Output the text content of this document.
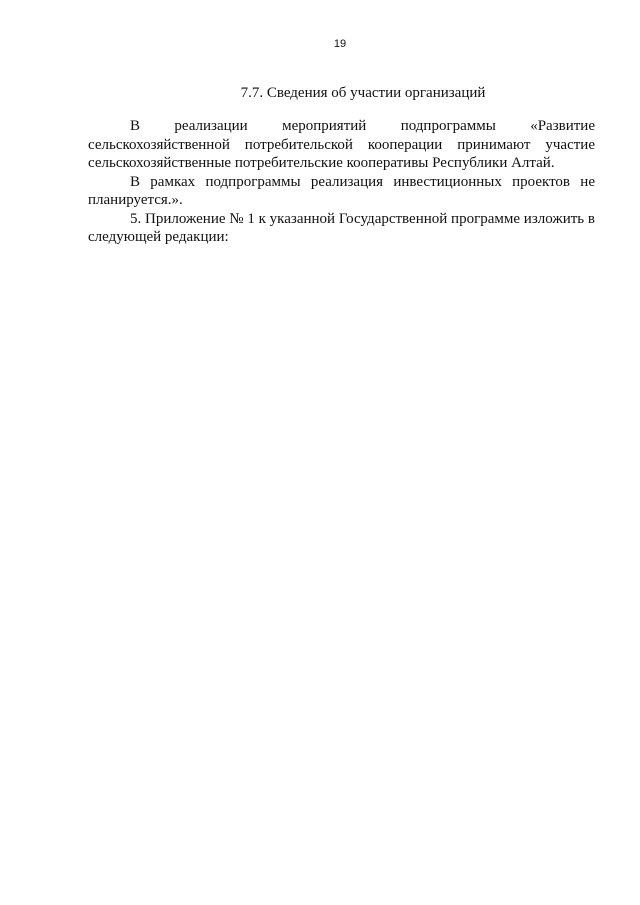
19
7.7. Сведения об участии организаций

В реализации мероприятий подпрограммы «Развитие сельскохозяйственной потребительской кооперации принимают участие сельскохозяйственные потребительские кооперативы Республики Алтай.

В рамках подпрограммы реализация инвестиционных проектов не планируется.».

5. Приложение № 1 к указанной Государственной программе изложить в следующей редакции:
